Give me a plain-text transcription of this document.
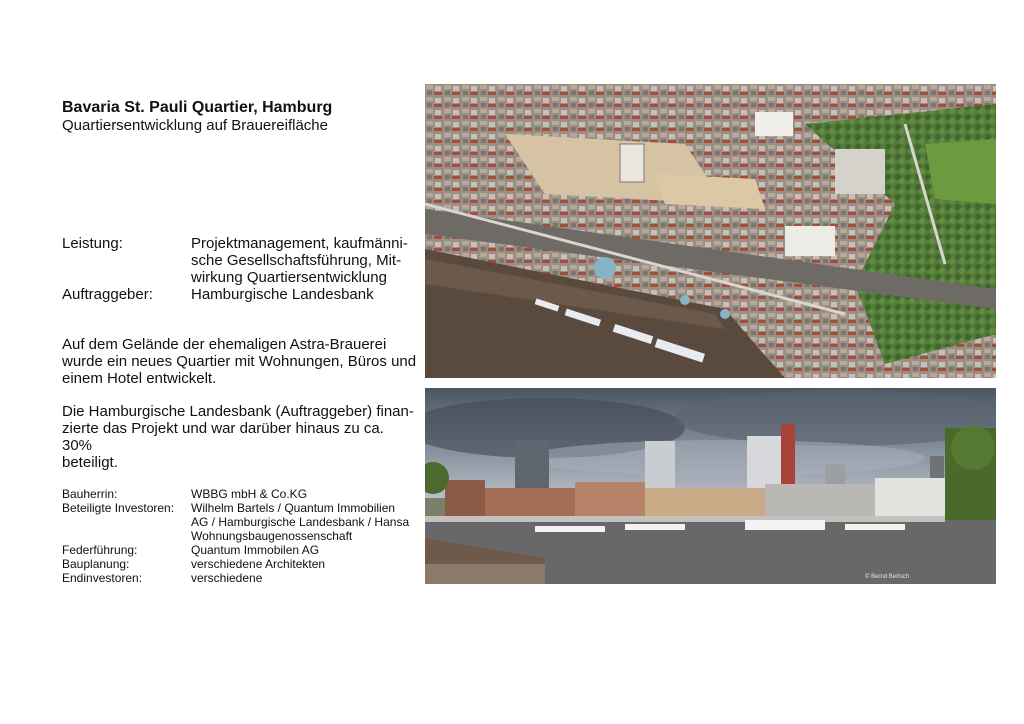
Bavaria St. Pauli Quartier, Hamburg
Quartiersentwicklung auf Brauereifläche
Leistung:	Projektmanagement, kaufmänni-
sche Gesellschaftsführung, Mit-
wirkung Quartiersentwicklung
Auftraggeber:	Hamburgische Landesbank
Auf dem Gelände der ehemaligen Astra-Brauerei
wurde ein neues Quartier mit Wohnungen, Büros und
einem Hotel entwickelt.
Die Hamburgische Landesbank (Auftraggeber) finan-
zierte das Projekt und war darüber hinaus zu ca. 30%
beteiligt.
Bauherrin:	WBBG mbH & Co.KG
Beteiligte Investoren:	Wilhelm Bartels / Quantum Immobilien
AG / Hamburgische Landesbank / Hansa
Wohnungsbaugenossenschaft
Federführung:	Quantum Immobilen AG
Bauplanung:	verschiedene Architekten
Endinvestoren:	verschiedene	© Bernd Bertsch
